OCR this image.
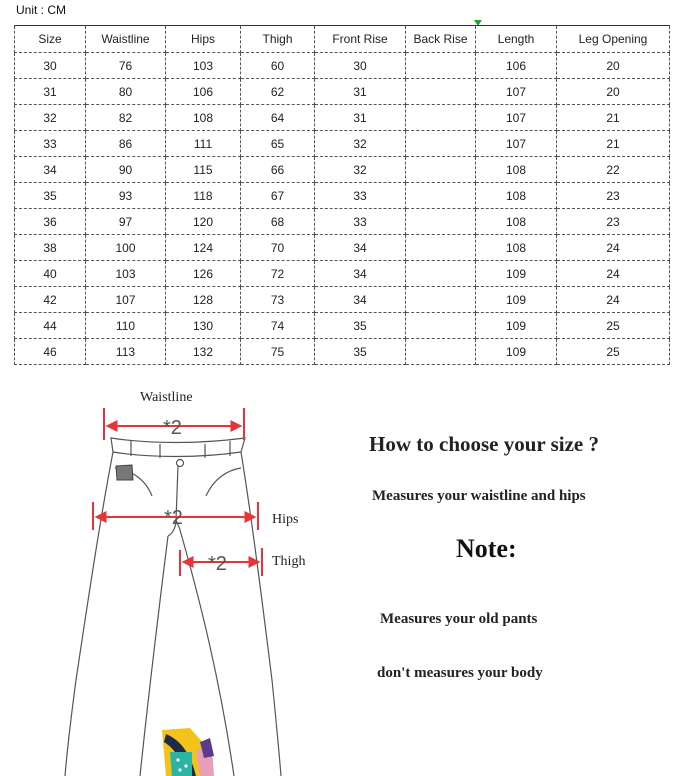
Unit : CM
Size	Waistline	Hips	Thigh	Front Rise	Back Rise	Length	Leg Opening
30	76	103	60	30		106	20
31	80	106	62	31		107	20
32	82	108	64	31		107	21
33	86	111	65	32		107	21
34	90	115	66	32		108	22
35	93	118	67	33		108	23
36	97	120	68	33		108	23
38	100	124	70	34		108	24
40	103	126	72	34		109	24
42	107	128	73	34		109	24
44	110	130	74	35		109	25
46	113	132	75	35		109	25
*2
*2
*2
Waistline
Hips
Thigh
How to choose your size ?
Measures your waistline and hips
Note:
Measures your old pants
don't measures your body
